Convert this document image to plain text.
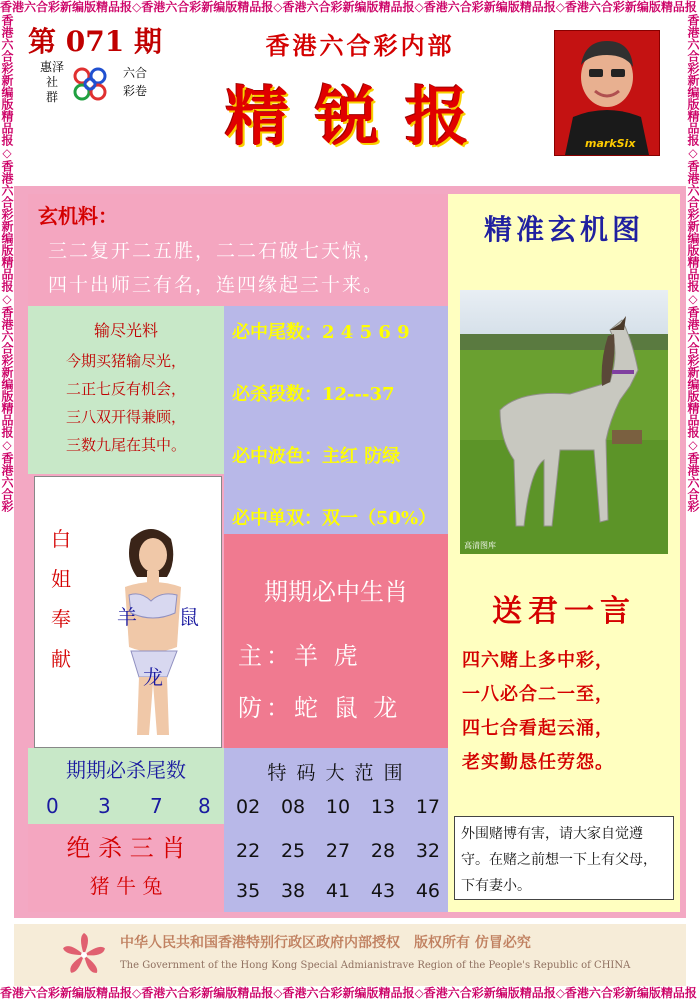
香港六合彩新编版精品报◇香港六合彩新编版精品报◇香港六合彩新编版精品报◇香港六合彩新编版精品报◇香港六合彩新编版精品报
香港六合彩新编版精品报◇香港六合彩新编版精品报◇香港六合彩新编版精品报◇香港六合彩新编版精品报◇香港六合彩新编版精品报
香港六合彩新编版精品报◇香港六合彩新编版精品报◇香港六合彩新编版精品报◇香港六合彩	香港六合彩新编版精品报◇香港六合彩新编版精品报◇香港六合彩新编版精品报◇香港六合彩
第 071 期
惠泽
社
群
六合
彩卷
香港六合彩内部
精锐报	markSix
玄机料：
三二复开二五胜，二二石破七天惊，
四十出师三有名，连四缘起三十来。
输尽光料
今期买猪输尽光，
二正七反有机会，
三八双开得兼顾，
三数九尾在其中。
必中尾数：2 4 5 6 9
必杀段数：12---37
必中波色：主红 防绿
必中单双：双一（50%）
白
姐
奉
献
羊 鼠
龙
期期必中生肖
主：羊 虎
防：蛇 鼠 龙
期期必杀尾数
0 3 7 8
绝 杀 三 肖
猪 牛 兔
特 码 大 范 围
02 08 10 13 17
22 25 27 28 32
35 38 41 43 46
精准玄机图
高清图库
送君一言
四六赌上多中彩，
一八必合二一至，
四七合看起云涌，
老实勤恳任劳怨。
外围赌博有害，请大家自觉遵守。在赌之前想一下上有父母，下有妻小。
中华人民共和国香港特别行政区政府内部授权　版权所有 仿冒必究
The Government of the Hong Kong Special Admianistrave Region of the People's Republic of CHINA
